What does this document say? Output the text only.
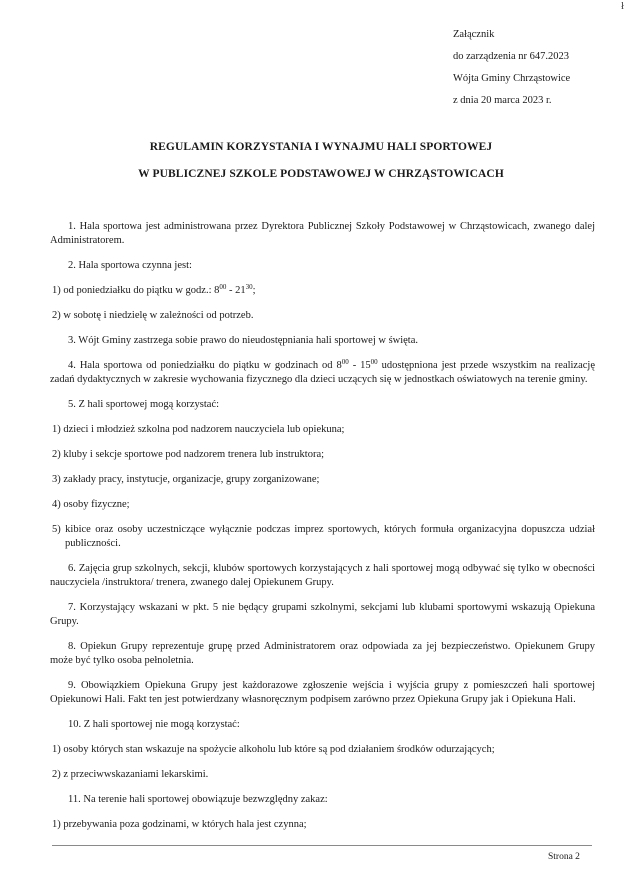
ł
Załącznik
do zarządzenia nr 647.2023
Wójta Gminy Chrząstowice
z dnia 20 marca 2023 r.
REGULAMIN KORZYSTANIA I WYNAJMU HALI SPORTOWEJ
W PUBLICZNEJ SZKOLE PODSTAWOWEJ W CHRZĄSTOWICACH

1. Hala sportowa jest administrowana przez Dyrektora Publicznej Szkoły Podstawowej w Chrząstowicach, zwanego dalej Administratorem.

2. Hala sportowa czynna jest:

1) od poniedziałku do piątku w godz.: $8^{00} - 21^{30}$;

2) w sobotę i niedzielę w zależności od potrzeb.

3. Wójt Gminy zastrzega sobie prawo do nieudostępniania hali sportowej w święta.

4. Hala sportowa od poniedziałku do piątku w godzinach od $8^{00} - 15^{00}$ udostępniona jest przede wszystkim na realizację zadań dydaktycznych w zakresie wychowania fizycznego dla dzieci uczących się w jednostkach oświatowych na terenie gminy.

5. Z hali sportowej mogą korzystać:

1) dzieci i młodzież szkolna pod nadzorem nauczyciela lub opiekuna;

2) kluby i sekcje sportowe pod nadzorem trenera lub instruktora;

3) zakłady pracy, instytucje, organizacje, grupy zorganizowane;

4) osoby fizyczne;

5) kibice oraz osoby uczestniczące wyłącznie podczas imprez sportowych, których formuła organizacyjna dopuszcza udział publiczności.

6. Zajęcia grup szkolnych, sekcji, klubów sportowych korzystających z hali sportowej mogą odbywać się tylko w obecności nauczyciela /instruktora/ trenera, zwanego dalej Opiekunem Grupy.

7. Korzystający wskazani w pkt. 5 nie będący grupami szkolnymi, sekcjami lub klubami sportowymi wskazują Opiekuna Grupy.

8. Opiekun Grupy reprezentuje grupę przed Administratorem oraz odpowiada za jej bezpieczeństwo. Opiekunem Grupy może być tylko osoba pełnoletnia.

9. Obowiązkiem Opiekuna Grupy jest każdorazowe zgłoszenie wejścia i wyjścia grupy z pomieszczeń hali sportowej Opiekunowi Hali. Fakt ten jest potwierdzany własnoręcznym podpisem zarówno przez Opiekuna Grupy jak i Opiekuna Hali.

10. Z hali sportowej nie mogą korzystać:

1) osoby których stan wskazuje na spożycie alkoholu lub które są pod działaniem środków odurzających;

2) z przeciwwskazaniami lekarskimi.

11. Na terenie hali sportowej obowiązuje bezwzględny zakaz:

1) przebywania poza godzinami, w których hala jest czynna;

Strona 2
